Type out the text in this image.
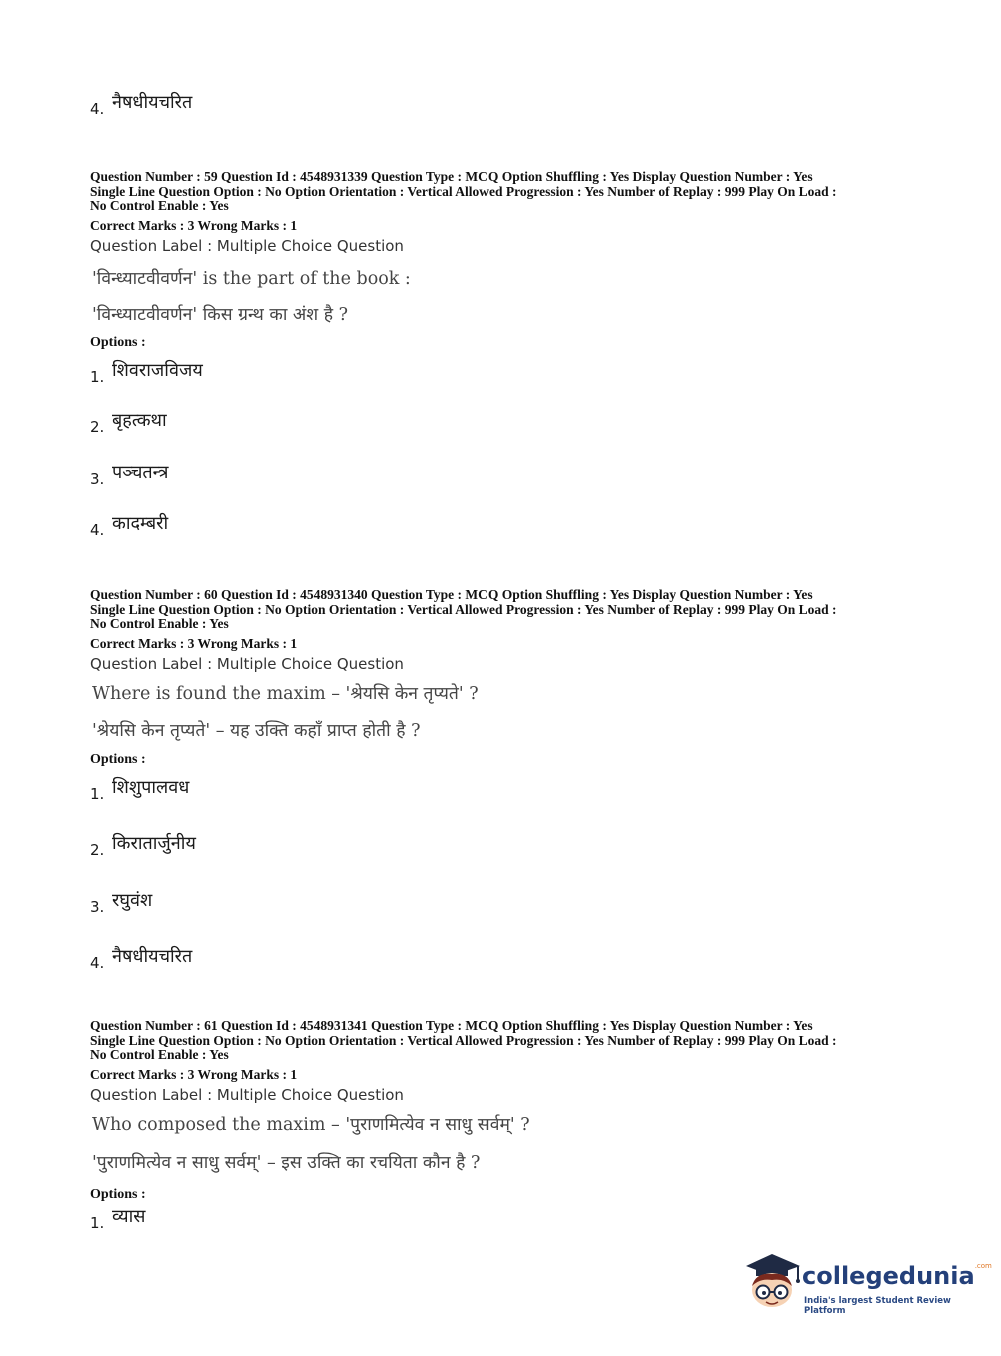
4. नैषधीयचरित
Question Number : 59 Question Id : 4548931339 Question Type : MCQ Option Shuffling : Yes Display Question Number : Yes
Single Line Question Option : No Option Orientation : Vertical Allowed Progression : Yes Number of Replay : 999 Play On Load :
No Control Enable : Yes
Correct Marks : 3 Wrong Marks : 1
Question Label : Multiple Choice Question
'विन्ध्याटवीवर्णन' is the part of the book :
'विन्ध्याटवीवर्णन' किस ग्रन्थ का अंश है ?
Options :
1. शिवराजविजय
2. बृहत्कथा
3. पञ्चतन्त्र
4. कादम्बरी
Question Number : 60 Question Id : 4548931340 Question Type : MCQ Option Shuffling : Yes Display Question Number : Yes
Single Line Question Option : No Option Orientation : Vertical Allowed Progression : Yes Number of Replay : 999 Play On Load :
No Control Enable : Yes
Correct Marks : 3 Wrong Marks : 1
Question Label : Multiple Choice Question
Where is found the maxim – 'श्रेयसि केन तृप्यते' ?
'श्रेयसि केन तृप्यते' – यह उक्ति कहाँ प्राप्त होती है ?
Options :
1. शिशुपालवध
2. किरातार्जुनीय
3. रघुवंश
4. नैषधीयचरित
Question Number : 61 Question Id : 4548931341 Question Type : MCQ Option Shuffling : Yes Display Question Number : Yes
Single Line Question Option : No Option Orientation : Vertical Allowed Progression : Yes Number of Replay : 999 Play On Load :
No Control Enable : Yes
Correct Marks : 3 Wrong Marks : 1
Question Label : Multiple Choice Question
Who composed the maxim – 'पुराणमित्येव न साधु सर्वम्' ?
'पुराणमित्येव न साधु सर्वम्' – इस उक्ति का रचयिता कौन है ?
Options :
1. व्यास
collegedunia$^{.com}$
India's largest Student Review Platform
